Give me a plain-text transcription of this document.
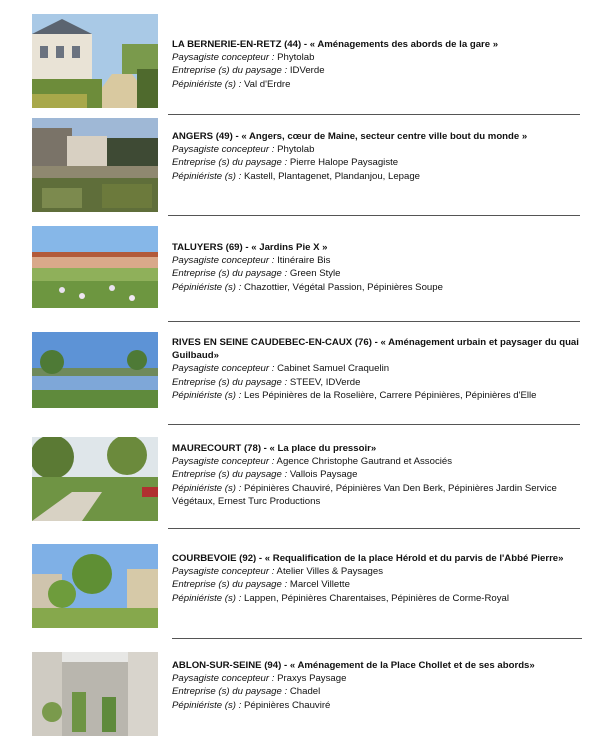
LA BERNERIE-EN-RETZ (44) - « Aménagements des abords de la gare »
Paysagiste concepteur : Phytolab
Entreprise (s) du paysage : IDVerde
Pépiniériste (s) : Val d'Erdre
ANGERS (49) - « Angers, cœur de Maine, secteur centre ville bout du monde »
Paysagiste concepteur : Phytolab
Entreprise (s) du paysage : Pierre Halope Paysagiste
Pépiniériste (s) : Kastell, Plantagenet, Plandanjou, Lepage
TALUYERS (69) - « Jardins Pie X »
Paysagiste concepteur : Itinéraire Bis
Entreprise (s) du paysage : Green Style
Pépiniériste (s) : Chazottier, Végétal Passion, Pépinières Soupe
RIVES EN SEINE CAUDEBEC-EN-CAUX (76) - « Aménagement urbain et paysager du quai Guilbaud»
Paysagiste concepteur : Cabinet Samuel Craquelin
Entreprise (s) du paysage : STEEV, IDVerde
Pépiniériste (s) : Les Pépinières de la Roselière, Carrere Pépinières, Pépinières d'Elle
MAURECOURT (78) - « La place du pressoir»
Paysagiste concepteur : Agence Christophe Gautrand et Associés
Entreprise (s) du paysage : Vallois Paysage
Pépiniériste (s) : Pépinières Chauviré, Pépinières Van Den Berk, Pépinières Jardin Service Végétaux, Ernest Turc Productions
COURBEVOIE (92) - « Requalification de la place Hérold et du parvis de l'Abbé Pierre»
Paysagiste concepteur : Atelier Villes & Paysages
Entreprise (s) du paysage : Marcel Villette
Pépiniériste (s) : Lappen, Pépinières Charentaises, Pépinières de Corme-Royal
ABLON-SUR-SEINE (94) - « Aménagement de la Place Chollet et de ses abords»
Paysagiste concepteur : Praxys Paysage
Entreprise (s) du paysage : Chadel
Pépiniériste (s) : Pépinières Chauviré
